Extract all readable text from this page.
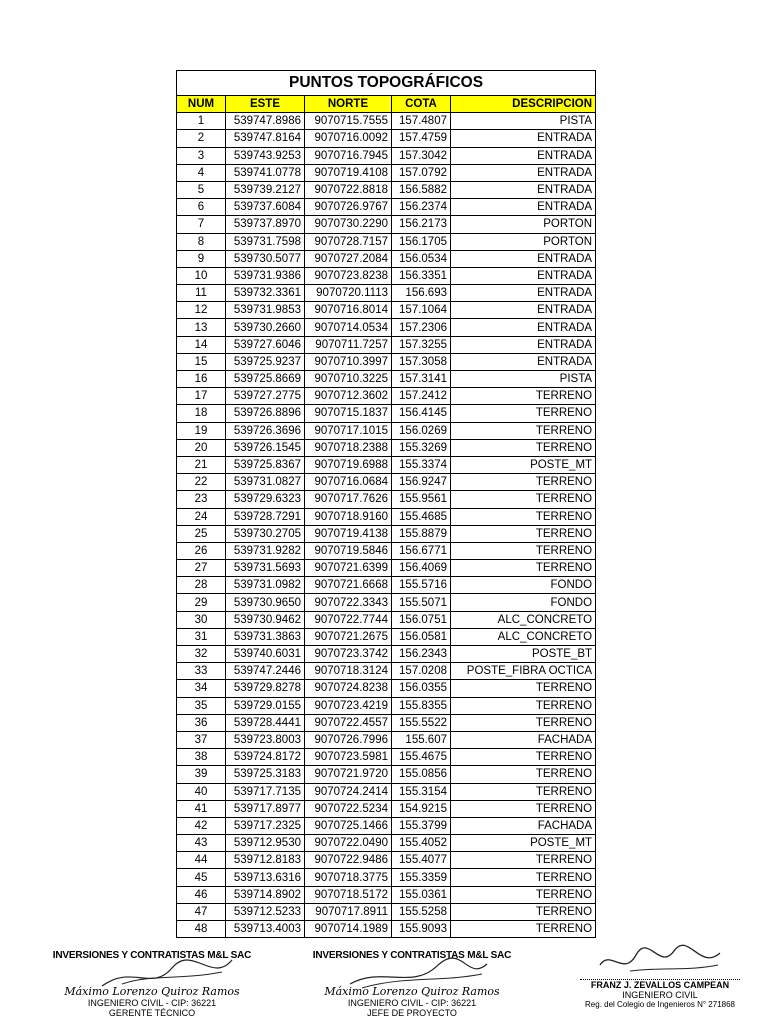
PUNTOS TOPOGRÁFICOS				
NUM	ESTE	NORTE	COTA	DESCRIPCION
1	539747.8986	9070715.7555	157.4807	PISTA
2	539747.8164	9070716.0092	157.4759	ENTRADA
3	539743.9253	9070716.7945	157.3042	ENTRADA
4	539741.0778	9070719.4108	157.0792	ENTRADA
5	539739.2127	9070722.8818	156.5882	ENTRADA
6	539737.6084	9070726.9767	156.2374	ENTRADA
7	539737.8970	9070730.2290	156.2173	PORTON
8	539731.7598	9070728.7157	156.1705	PORTON
9	539730.5077	9070727.2084	156.0534	ENTRADA
10	539731.9386	9070723.8238	156.3351	ENTRADA
11	539732.3361	9070720.1113	156.693	ENTRADA
12	539731.9853	9070716.8014	157.1064	ENTRADA
13	539730.2660	9070714.0534	157.2306	ENTRADA
14	539727.6046	9070711.7257	157.3255	ENTRADA
15	539725.9237	9070710.3997	157.3058	ENTRADA
16	539725.8669	9070710.3225	157.3141	PISTA
17	539727.2775	9070712.3602	157.2412	TERRENO
18	539726.8896	9070715.1837	156.4145	TERRENO
19	539726.3696	9070717.1015	156.0269	TERRENO
20	539726.1545	9070718.2388	155.3269	TERRENO
21	539725.8367	9070719.6988	155.3374	POSTE_MT
22	539731.0827	9070716.0684	156.9247	TERRENO
23	539729.6323	9070717.7626	155.9561	TERRENO
24	539728.7291	9070718.9160	155.4685	TERRENO
25	539730.2705	9070719.4138	155.8879	TERRENO
26	539731.9282	9070719.5846	156.6771	TERRENO
27	539731.5693	9070721.6399	156.4069	TERRENO
28	539731.0982	9070721.6668	155.5716	FONDO
29	539730.9650	9070722.3343	155.5071	FONDO
30	539730.9462	9070722.7744	156.0751	ALC_CONCRETO
31	539731.3863	9070721.2675	156.0581	ALC_CONCRETO
32	539740.6031	9070723.3742	156.2343	POSTE_BT
33	539747.2446	9070718.3124	157.0208	POSTE_FIBRA OCTICA
34	539729.8278	9070724.8238	156.0355	TERRENO
35	539729.0155	9070723.4219	155.8355	TERRENO
36	539728.4441	9070722.4557	155.5522	TERRENO
37	539723.8003	9070726.7996	155.607	FACHADA
38	539724.8172	9070723.5981	155.4675	TERRENO
39	539725.3183	9070721.9720	155.0856	TERRENO
40	539717.7135	9070724.2414	155.3154	TERRENO
41	539717.8977	9070722.5234	154.9215	TERRENO
42	539717.2325	9070725.1466	155.3799	FACHADA
43	539712.9530	9070722.0490	155.4052	POSTE_MT
44	539712.8183	9070722.9486	155.4077	TERRENO
45	539713.6316	9070718.3775	155.3359	TERRENO
46	539714.8902	9070718.5172	155.0361	TERRENO
47	539712.5233	9070717.8911	155.5258	TERRENO
48	539713.4003	9070714.1989	155.9093	TERRENO
INVERSIONES Y CONTRATISTAS M&L SAC
Máximo Lorenzo Quiroz Ramos
INGENIERO CIVIL - CIP: 36221
GERENTE TÉCNICO
INVERSIONES Y CONTRATISTAS M&L SAC
Máximo Lorenzo Quiroz Ramos
INGENIERO CIVIL - CIP: 36221
JEFE DE PROYECTO
FRANZ J. ZEVALLOS CAMPEAN
INGENIERO CIVIL
Reg. del Colegio de Ingenieros N° 271868
